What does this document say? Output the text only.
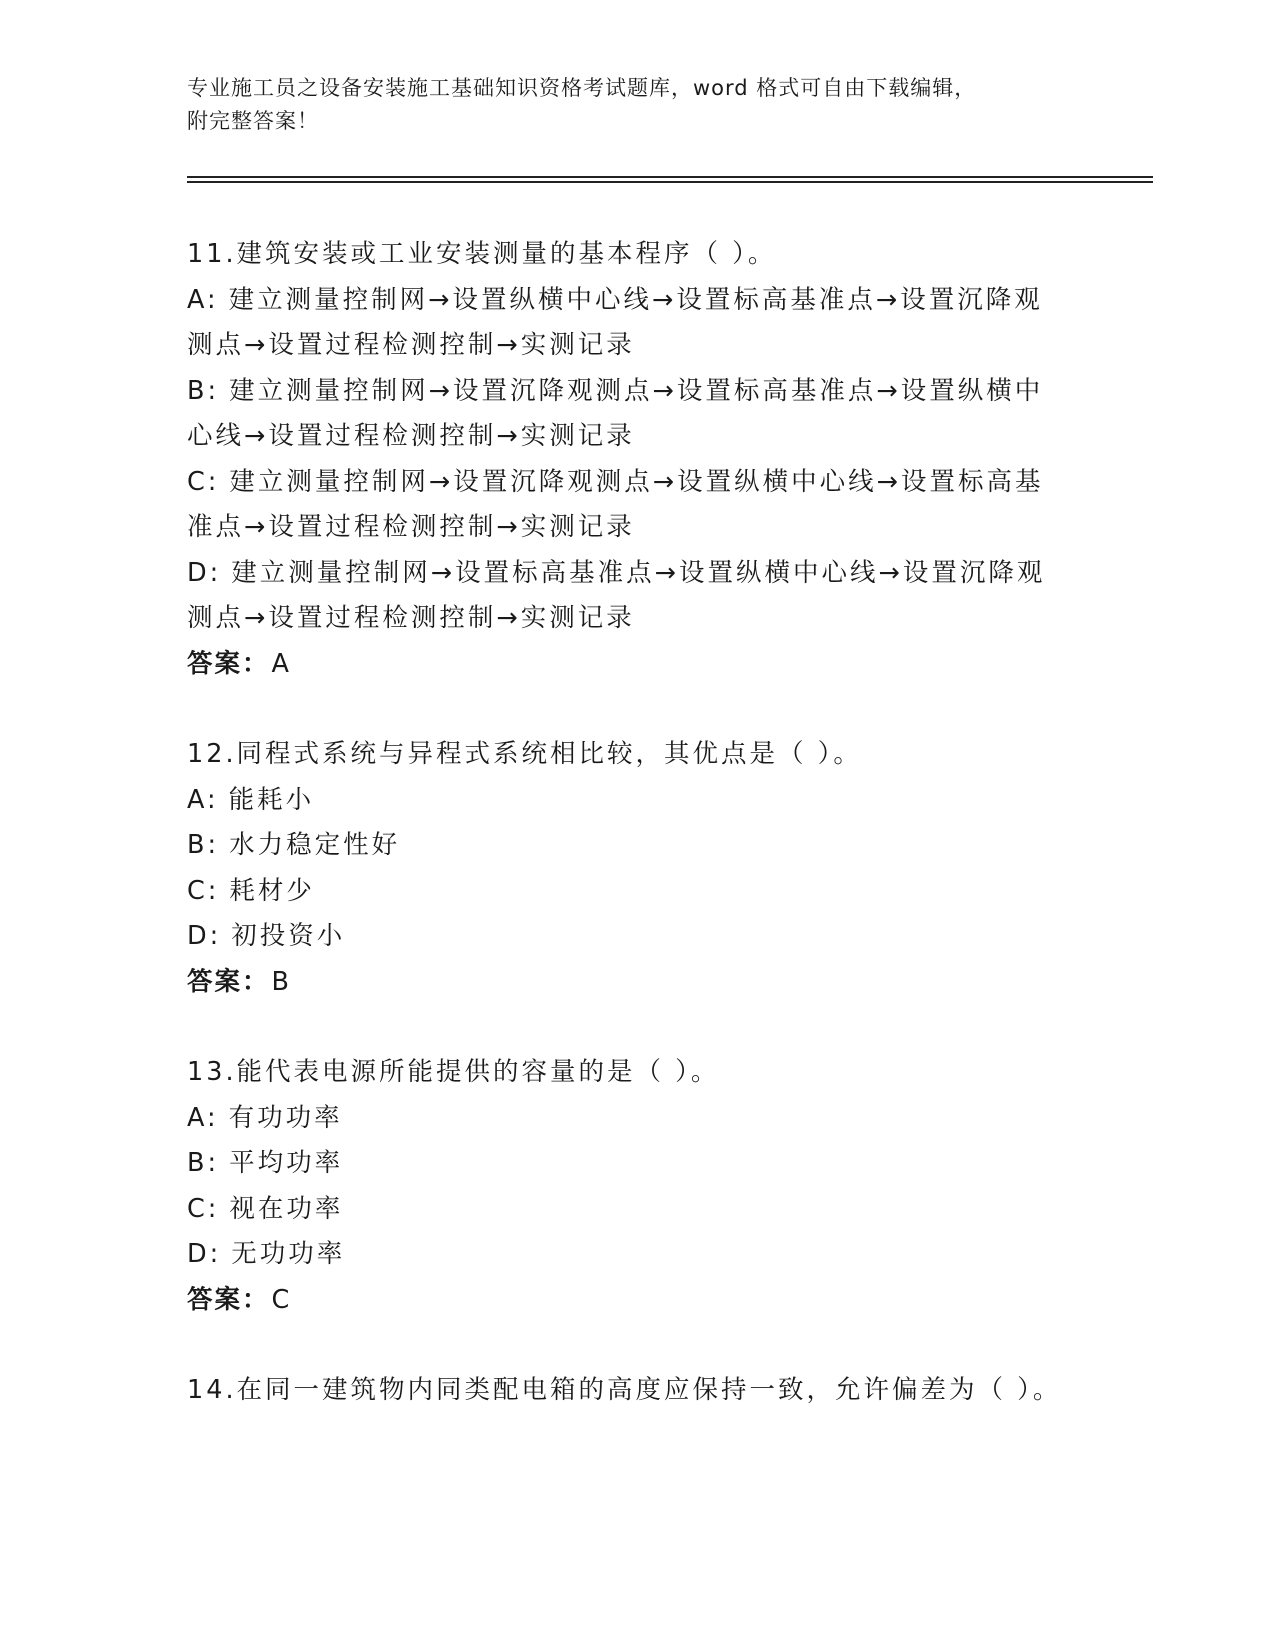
专业施工员之设备安装施工基础知识资格考试题库，word 格式可自由下载编辑，
附完整答案！

11.建筑安装或工业安装测量的基本程序（ ）。

A: 建立测量控制网→设置纵横中心线→设置标高基准点→设置沉降观测点→设置过程检测控制→实测记录

B: 建立测量控制网→设置沉降观测点→设置标高基准点→设置纵横中心线→设置过程检测控制→实测记录

C: 建立测量控制网→设置沉降观测点→设置纵横中心线→设置标高基准点→设置过程检测控制→实测记录

D: 建立测量控制网→设置标高基准点→设置纵横中心线→设置沉降观测点→设置过程检测控制→实测记录

答案：A

12.同程式系统与异程式系统相比较，其优点是（ ）。

A: 能耗小

B: 水力稳定性好

C: 耗材少

D: 初投资小

答案：B

13.能代表电源所能提供的容量的是（ ）。

A: 有功功率

B: 平均功率

C: 视在功率

D: 无功功率

答案：C

14.在同一建筑物内同类配电箱的高度应保持一致，允许偏差为（ ）。
